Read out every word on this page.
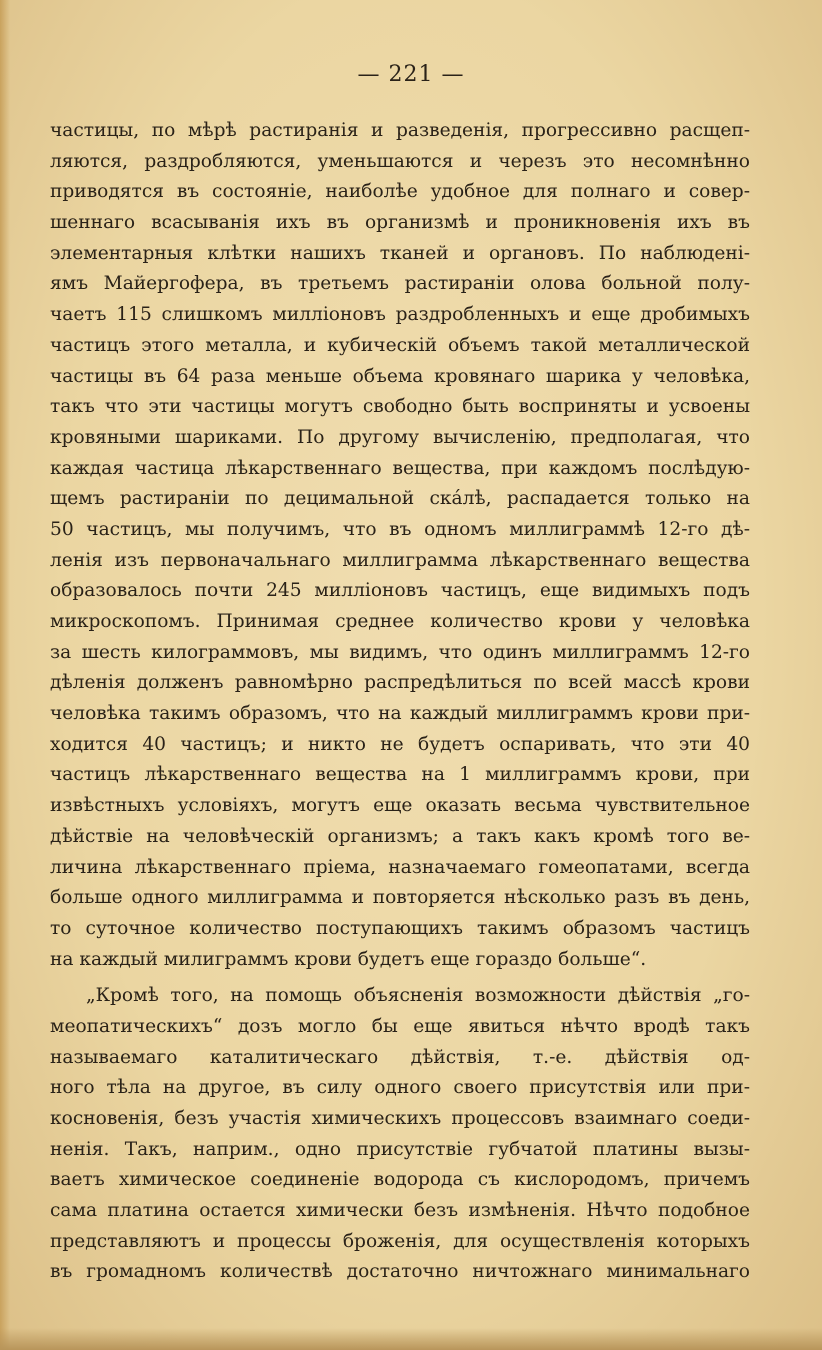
— 221 —
частицы, по мѣрѣ растиранія и разведенія, прогрессивно расщеп-
ляются, раздробляются, уменьшаются и черезъ это несомнѣнно
приводятся въ состояніе, наиболѣе удобное для полнаго и совер-
шеннаго всасыванія ихъ въ организмѣ и проникновенія ихъ въ
элементарныя клѣтки нашихъ тканей и органовъ. По наблюдені-
ямъ Майергофера, въ третьемъ растираніи олова больной полу-
чаетъ 115 слишкомъ милліоновъ раздробленныхъ и еще дробимыхъ
частицъ этого металла, и кубическій объемъ такой металлической
частицы въ 64 раза меньше объема кровянаго шарика у человѣка,
такъ что эти частицы могутъ свободно быть восприняты и усвоены
кровяными шариками. По другому вычисленію, предполагая, что
каждая частица лѣкарственнаго вещества, при каждомъ послѣдую-
щемъ растираніи по децимальной скáлѣ, распадается только на
50 частицъ, мы получимъ, что въ одномъ миллиграммѣ 12-го дѣ-
ленія изъ первоначальнаго миллиграмма лѣкарственнаго вещества
образовалось почти 245 милліоновъ частицъ, еще видимыхъ подъ
микроскопомъ. Принимая среднее количество крови у человѣка
за шесть килограммовъ, мы видимъ, что одинъ миллиграммъ 12-го
дѣленія долженъ равномѣрно распредѣлиться по всей массѣ крови
человѣка такимъ образомъ, что на каждый миллиграммъ крови при-
ходится 40 частицъ; и никто не будетъ оспаривать, что эти 40
частицъ лѣкарственнаго вещества на 1 миллиграммъ крови, при
извѣстныхъ условіяхъ, могутъ еще оказать весьма чувствительное
дѣйствіе на человѣческій организмъ; а такъ какъ кромѣ того ве-
личина лѣкарственнаго пріема, назначаемаго гомеопатами, всегда
больше одного миллиграмма и повторяется нѣсколько разъ въ день,
то суточное количество поступающихъ такимъ образомъ частицъ
на каждый милиграммъ крови будетъ еще гораздо больше“.
„Кромѣ того, на помощь объясненія возможности дѣйствія „го-
меопатическихъ“ дозъ могло бы еще явиться нѣчто вродѣ такъ
называемаго каталитическаго дѣйствія, т.-е. дѣйствія од-
ного тѣла на другое, въ силу одного своего присутствія или при-
косновенія, безъ участія химическихъ процессовъ взаимнаго соеди-
ненія. Такъ, наприм., одно присутствіе губчатой платины вызы-
ваетъ химическое соединеніе водорода съ кислородомъ, причемъ
сама платина остается химически безъ измѣненія. Нѣчто подобное
представляютъ и процессы броженія, для осуществленія которыхъ
въ громадномъ количествѣ достаточно ничтожнаго минимальнаго
